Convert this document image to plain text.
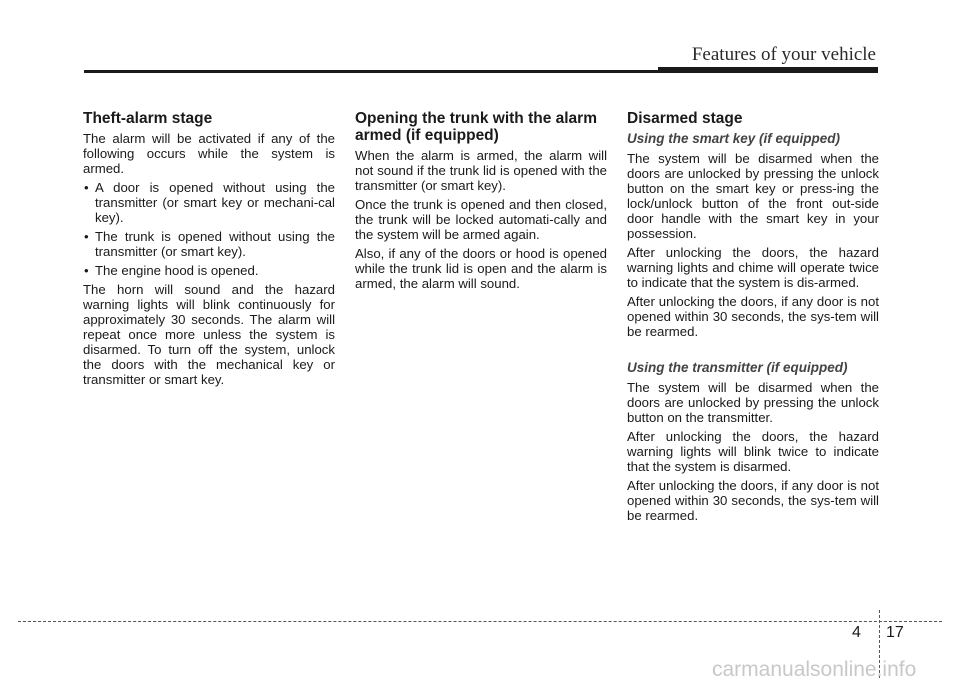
Features of your vehicle
Theft-alarm stage

The alarm will be activated if any of the following occurs while the system is armed.

• A door is opened without using the transmitter (or smart key or mechani-cal key).
• The trunk is opened without using the transmitter (or smart key).
• The engine hood is opened.

The horn will sound and the hazard warning lights will blink continuously for approximately 30 seconds. The alarm will repeat once more unless the system is disarmed. To turn off the system, unlock the doors with the mechanical key or transmitter or smart key.

Opening the trunk with the alarm armed (if equipped)

When the alarm is armed, the alarm will not sound if the trunk lid is opened with the transmitter (or smart key).

Once the trunk is opened and then closed, the trunk will be locked automati-cally and the system will be armed again.

Also, if any of the doors or hood is opened while the trunk lid is open and the alarm is armed, the alarm will sound.

Disarmed stage
Using the smart key (if equipped)

The system will be disarmed when the doors are unlocked by pressing the unlock button on the smart key or press-ing the lock/unlock button of the front out-side door handle with the smart key in your possession.

After unlocking the doors, the hazard warning lights and chime will operate twice to indicate that the system is dis-armed.

After unlocking the doors, if any door is not opened within 30 seconds, the sys-tem will be rearmed.

Using the transmitter (if equipped)

The system will be disarmed when the doors are unlocked by pressing the unlock button on the transmitter.

After unlocking the doors, the hazard warning lights will blink twice to indicate that the system is disarmed.

After unlocking the doors, if any door is not opened within 30 seconds, the sys-tem will be rearmed.

4 17
carmanualsonline.info
